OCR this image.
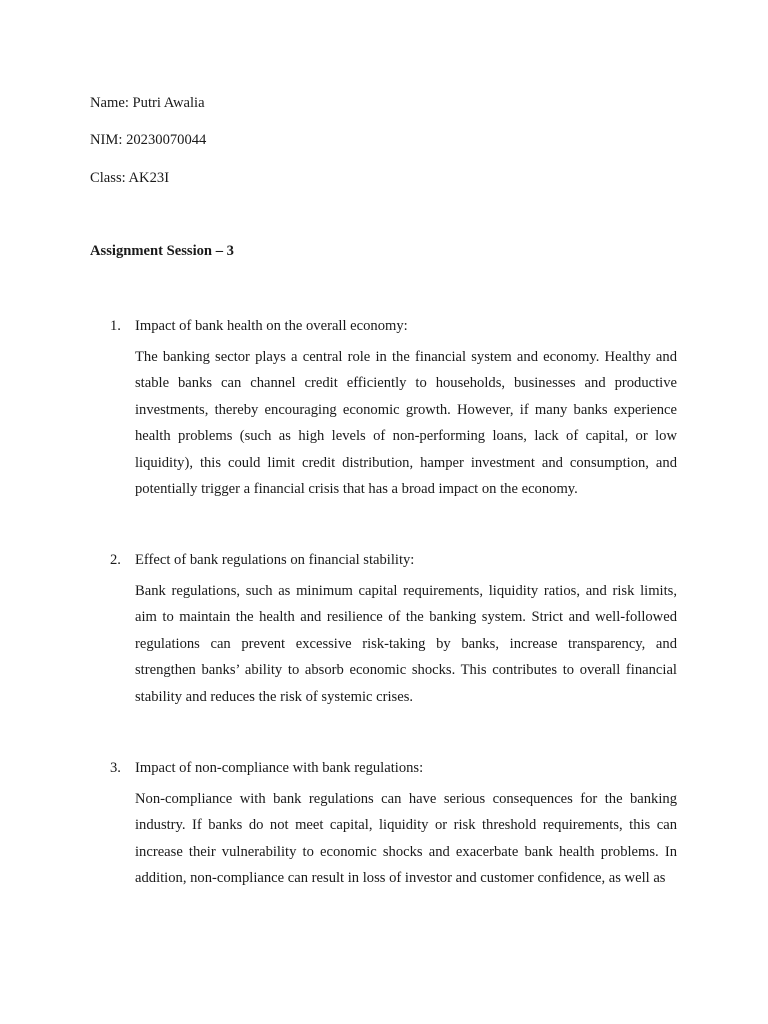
Name: Putri Awalia
NIM: 20230070044
Class: AK23I
Assignment Session – 3
1. Impact of bank health on the overall economy:
The banking sector plays a central role in the financial system and economy. Healthy and stable banks can channel credit efficiently to households, businesses and productive investments, thereby encouraging economic growth. However, if many banks experience health problems (such as high levels of non-performing loans, lack of capital, or low liquidity), this could limit credit distribution, hamper investment and consumption, and potentially trigger a financial crisis that has a broad impact on the economy.
2. Effect of bank regulations on financial stability:
Bank regulations, such as minimum capital requirements, liquidity ratios, and risk limits, aim to maintain the health and resilience of the banking system. Strict and well-followed regulations can prevent excessive risk-taking by banks, increase transparency, and strengthen banks’ ability to absorb economic shocks. This contributes to overall financial stability and reduces the risk of systemic crises.
3. Impact of non-compliance with bank regulations:
Non-compliance with bank regulations can have serious consequences for the banking industry. If banks do not meet capital, liquidity or risk threshold requirements, this can increase their vulnerability to economic shocks and exacerbate bank health problems. In addition, non-compliance can result in loss of investor and customer confidence, as well as
